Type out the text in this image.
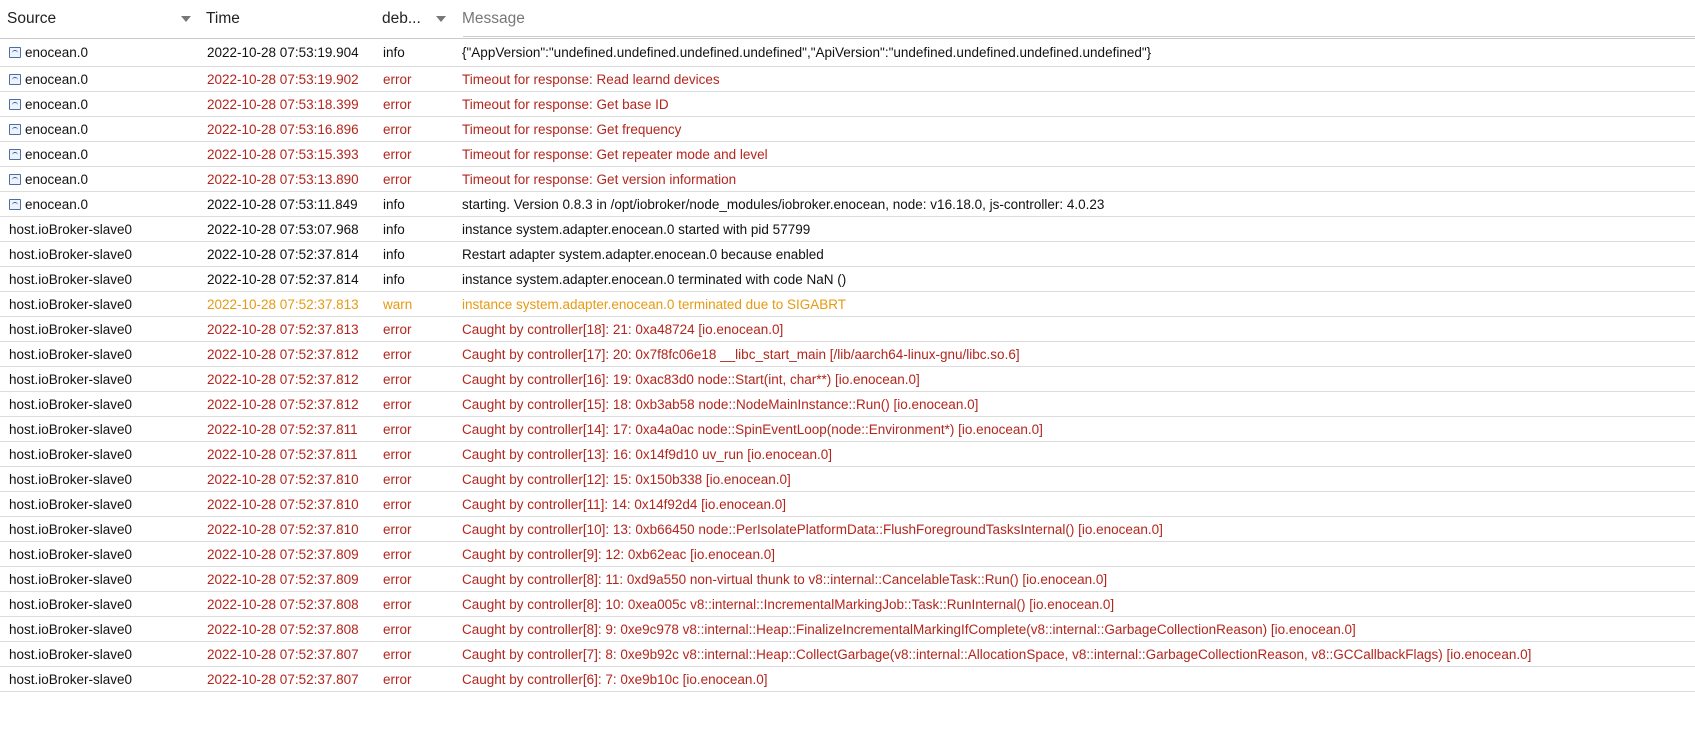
Source	Time	deb...	Message
enocean.0	2022-10-28 07:53:19.904	info	{"AppVersion":"undefined.undefined.undefined.undefined","ApiVersion":"undefined.undefined.undefined.undefined"}
enocean.0	2022-10-28 07:53:19.902	error	Timeout for response: Read learnd devices
enocean.0	2022-10-28 07:53:18.399	error	Timeout for response: Get base ID
enocean.0	2022-10-28 07:53:16.896	error	Timeout for response: Get frequency
enocean.0	2022-10-28 07:53:15.393	error	Timeout for response: Get repeater mode and level
enocean.0	2022-10-28 07:53:13.890	error	Timeout for response: Get version information
enocean.0	2022-10-28 07:53:11.849	info	starting. Version 0.8.3 in /opt/iobroker/node_modules/iobroker.enocean, node: v16.18.0, js-controller: 4.0.23
host.ioBroker-slave0	2022-10-28 07:53:07.968	info	instance system.adapter.enocean.0 started with pid 57799
host.ioBroker-slave0	2022-10-28 07:52:37.814	info	Restart adapter system.adapter.enocean.0 because enabled
host.ioBroker-slave0	2022-10-28 07:52:37.814	info	instance system.adapter.enocean.0 terminated with code NaN ()
host.ioBroker-slave0	2022-10-28 07:52:37.813	warn	instance system.adapter.enocean.0 terminated due to SIGABRT
host.ioBroker-slave0	2022-10-28 07:52:37.813	error	Caught by controller[18]: 21: 0xa48724 [io.enocean.0]
host.ioBroker-slave0	2022-10-28 07:52:37.812	error	Caught by controller[17]: 20: 0x7f8fc06e18 __libc_start_main [/lib/aarch64-linux-gnu/libc.so.6]
host.ioBroker-slave0	2022-10-28 07:52:37.812	error	Caught by controller[16]: 19: 0xac83d0 node::Start(int, char**) [io.enocean.0]
host.ioBroker-slave0	2022-10-28 07:52:37.812	error	Caught by controller[15]: 18: 0xb3ab58 node::NodeMainInstance::Run() [io.enocean.0]
host.ioBroker-slave0	2022-10-28 07:52:37.811	error	Caught by controller[14]: 17: 0xa4a0ac node::SpinEventLoop(node::Environment*) [io.enocean.0]
host.ioBroker-slave0	2022-10-28 07:52:37.811	error	Caught by controller[13]: 16: 0x14f9d10 uv_run [io.enocean.0]
host.ioBroker-slave0	2022-10-28 07:52:37.810	error	Caught by controller[12]: 15: 0x150b338 [io.enocean.0]
host.ioBroker-slave0	2022-10-28 07:52:37.810	error	Caught by controller[11]: 14: 0x14f92d4 [io.enocean.0]
host.ioBroker-slave0	2022-10-28 07:52:37.810	error	Caught by controller[10]: 13: 0xb66450 node::PerIsolatePlatformData::FlushForegroundTasksInternal() [io.enocean.0]
host.ioBroker-slave0	2022-10-28 07:52:37.809	error	Caught by controller[9]: 12: 0xb62eac [io.enocean.0]
host.ioBroker-slave0	2022-10-28 07:52:37.809	error	Caught by controller[8]: 11: 0xd9a550 non-virtual thunk to v8::internal::CancelableTask::Run() [io.enocean.0]
host.ioBroker-slave0	2022-10-28 07:52:37.808	error	Caught by controller[8]: 10: 0xea005c v8::internal::IncrementalMarkingJob::Task::RunInternal() [io.enocean.0]
host.ioBroker-slave0	2022-10-28 07:52:37.808	error	Caught by controller[8]: 9: 0xe9c978 v8::internal::Heap::FinalizeIncrementalMarkingIfComplete(v8::internal::GarbageCollectionReason) [io.enocean.0]
host.ioBroker-slave0	2022-10-28 07:52:37.807	error	Caught by controller[7]: 8: 0xe9b92c v8::internal::Heap::CollectGarbage(v8::internal::AllocationSpace, v8::internal::GarbageCollectionReason, v8::GCCallbackFlags) [io.enocean.0]
host.ioBroker-slave0	2022-10-28 07:52:37.807	error	Caught by controller[6]: 7: 0xe9b10c [io.enocean.0]
